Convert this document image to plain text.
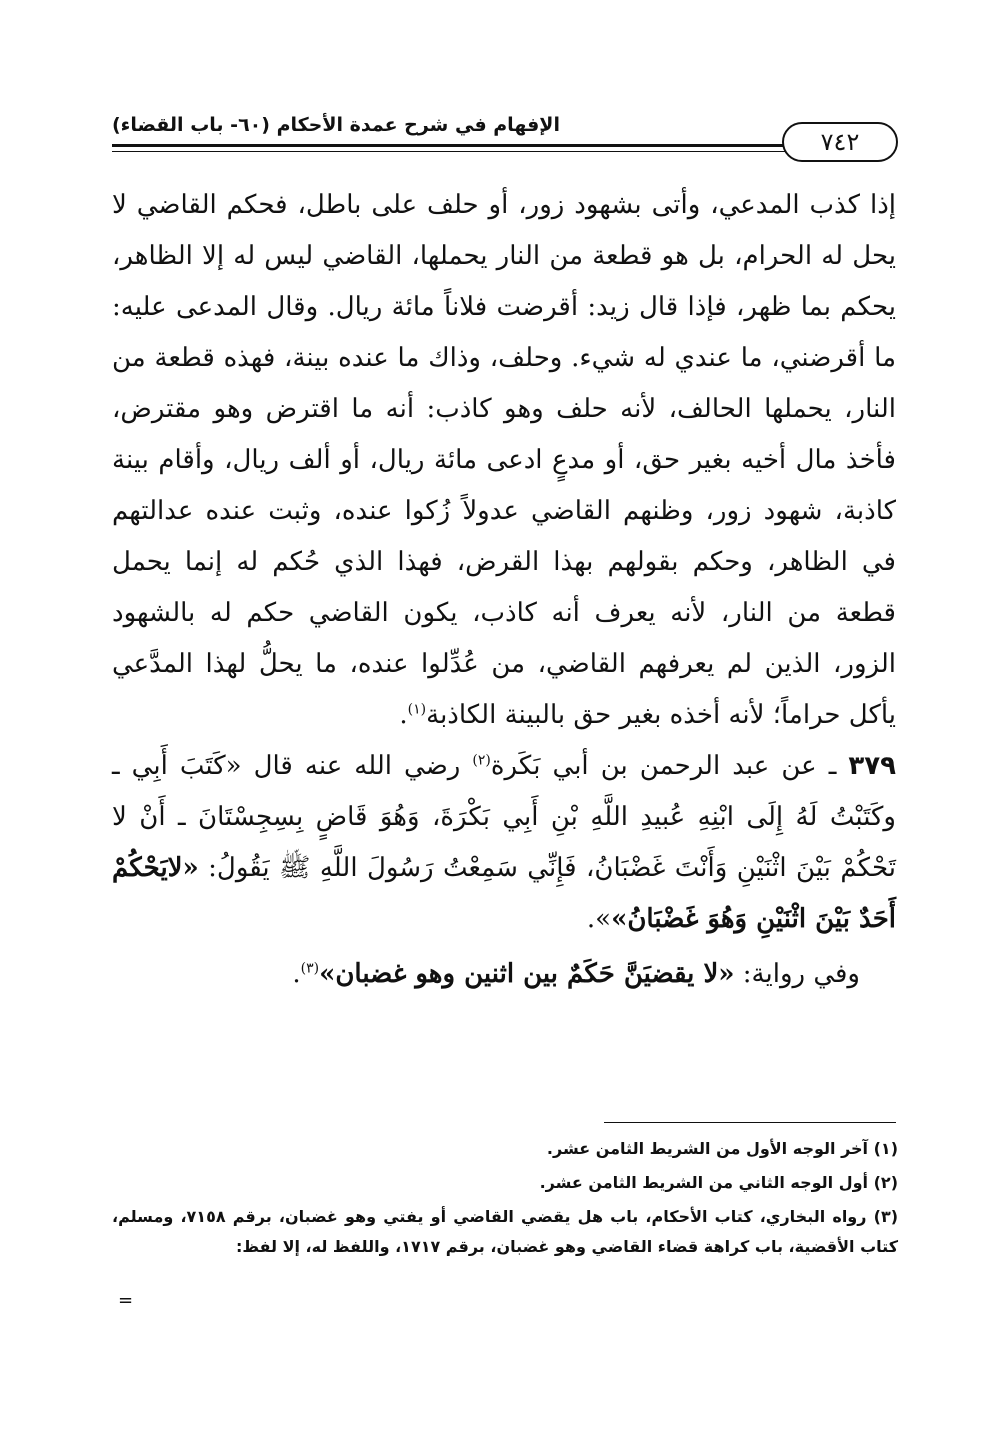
الإفهام في شرح عمدة الأحكام (٦٠- باب القضاء)
٧٤٢

إذا كذب المدعي، وأتى بشهود زور، أو حلف على باطل، فحكم القاضي لا يحل له الحرام، بل هو قطعة من النار يحملها، القاضي ليس له إلا الظاهر، يحكم بما ظهر، فإذا قال زيد: أقرضت فلاناً مائة ريال. وقال المدعى عليه: ما أقرضني، ما عندي له شيء. وحلف، وذاك ما عنده بينة، فهذه قطعة من النار، يحملها الحالف، لأنه حلف وهو كاذب: أنه ما اقترض وهو مقترض، فأخذ مال أخيه بغير حق، أو مدعٍ ادعى مائة ريال، أو ألف ريال، وأقام بينة كاذبة، شهود زور، وظنهم القاضي عدولاً زُكوا عنده، وثبت عنده عدالتهم في الظاهر، وحكم بقولهم بهذا القرض، فهذا الذي حُكم له إنما يحمل قطعة من النار، لأنه يعرف أنه كاذب، يكون القاضي حكم له بالشهود الزور، الذين لم يعرفهم القاضي، من عُدِّلوا عنده، ما يحلُّ لهذا المدَّعي يأكل حراماً؛ لأنه أخذه بغير حق بالبينة الكاذبة$^{(١)}$.

٣٧٩ ـ عن عبد الرحمن بن أبي بَكَرة$^{(٢)}$ رضي الله عنه قال «كَتَبَ أَبِي ـ وكَتَبْتُ لَهُ إِلَى ابْنِهِ عُبيدِ اللَّهِ بْنِ أَبِي بَكْرَةَ، وَهُوَ قَاضٍ بِسِجِسْتَانَ ـ أَنْ لا تَحْكُمْ بَيْنَ اثْنَيْنِ وَأَنْتَ غَضْبَانُ، فَإِنِّي سَمِعْتُ رَسُولَ اللَّهِ ﷺ يَقُولُ: «لايَحْكُمْ أَحَدٌ بَيْنَ اثْنَيْنِ وَهُوَ غَضْبَانُ»».

وفي رواية: «لا يقضيَنَّ حَكَمٌ بين اثنين وهو غضبان»$^{(٣)}$.

(١) آخر الوجه الأول من الشريط الثامن عشر.

(٢) أول الوجه الثاني من الشريط الثامن عشر.

(٣) رواه البخاري، كتاب الأحكام، باب هل يقضي القاضي أو يفتي وهو غضبان، برقم ٧١٥٨، ومسلم، كتاب الأقضية، باب كراهة قضاء القاضي وهو غضبان، برقم ١٧١٧، واللفظ له، إلا لفظ:

=
